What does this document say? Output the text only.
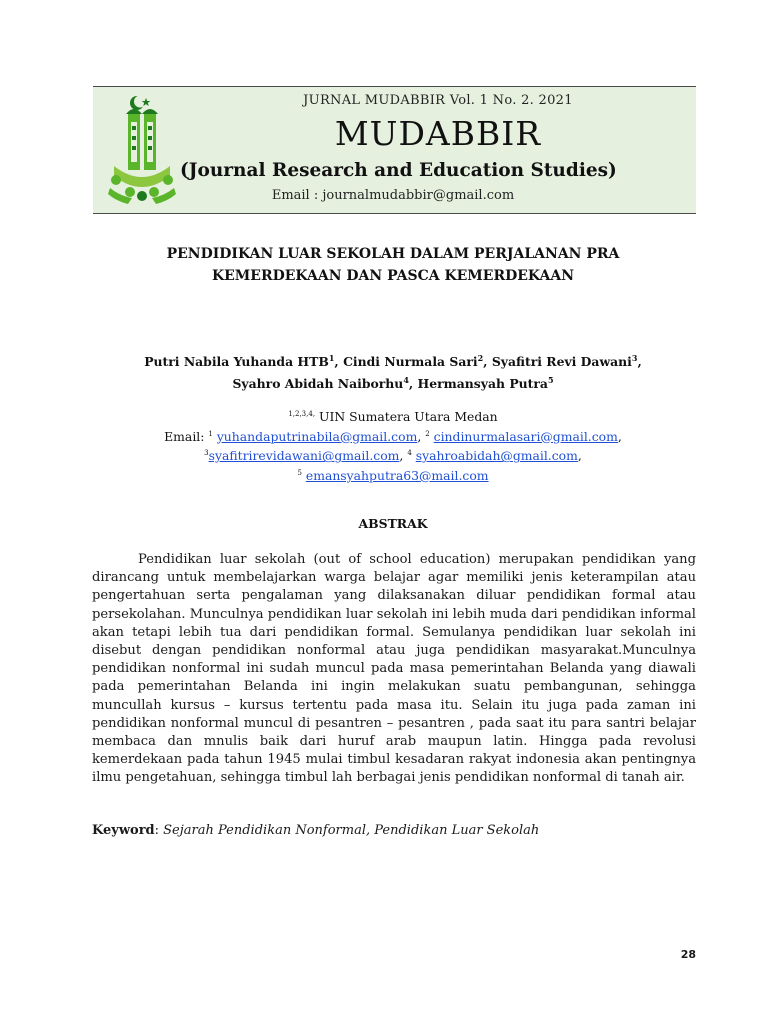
JURNAL MUDABBIR Vol. 1 No. 2. 2021
MUDABBIR
(Journal Research and Education Studies)
Email : journalmudabbir@gmail.com
PENDIDIKAN LUAR SEKOLAH DALAM PERJALANAN PRA
KEMERDEKAAN DAN PASCA KEMERDEKAAN
Putri Nabila Yuhanda HTB$^1$, Cindi Nurmala Sari$^2$, Syafitri Revi Dawani$^3$,
Syahro Abidah Naiborhu$^4$, Hermansyah Putra$^5$
$^{1,2,3,4,}$ UIN Sumatera Utara Medan
Email: $^1$ yuhandaputrinabila@gmail.com, $^2$ cindinurmalasari@gmail.com,
$^3$syafitrirevidawani@gmail.com, $^4$ syahroabidah@gmail.com,
$^5$ emansyahputra63@mail.com
ABSTRAK

Pendidikan luar sekolah (out of school education) merupakan pendidikan yang dirancang untuk membelajarkan warga belajar agar memiliki jenis keterampilan atau pengertahuan serta pengalaman yang dilaksanakan diluar pendidikan formal atau persekolahan. Munculnya pendidikan luar sekolah ini lebih muda dari pendidikan informal akan tetapi lebih tua dari pendidikan formal. Semulanya pendidikan luar sekolah ini disebut dengan pendidikan nonformal atau juga pendidikan masyarakat.Munculnya pendidikan nonformal ini sudah muncul pada masa pemerintahan Belanda yang diawali pada pemerintahan Belanda ini ingin melakukan suatu pembangunan, sehingga muncullah kursus – kursus tertentu pada masa itu. Selain itu juga pada zaman ini pendidikan nonformal muncul di pesantren – pesantren , pada saat itu para santri belajar membaca dan mnulis baik dari huruf arab maupun latin. Hingga pada revolusi kemerdekaan pada tahun 1945 mulai timbul kesadaran rakyat indonesia akan pentingnya ilmu pengetahuan, sehingga timbul lah berbagai jenis pendidikan nonformal di tanah air.

Keyword: Sejarah Pendidikan Nonformal, Pendidikan Luar Sekolah
28
